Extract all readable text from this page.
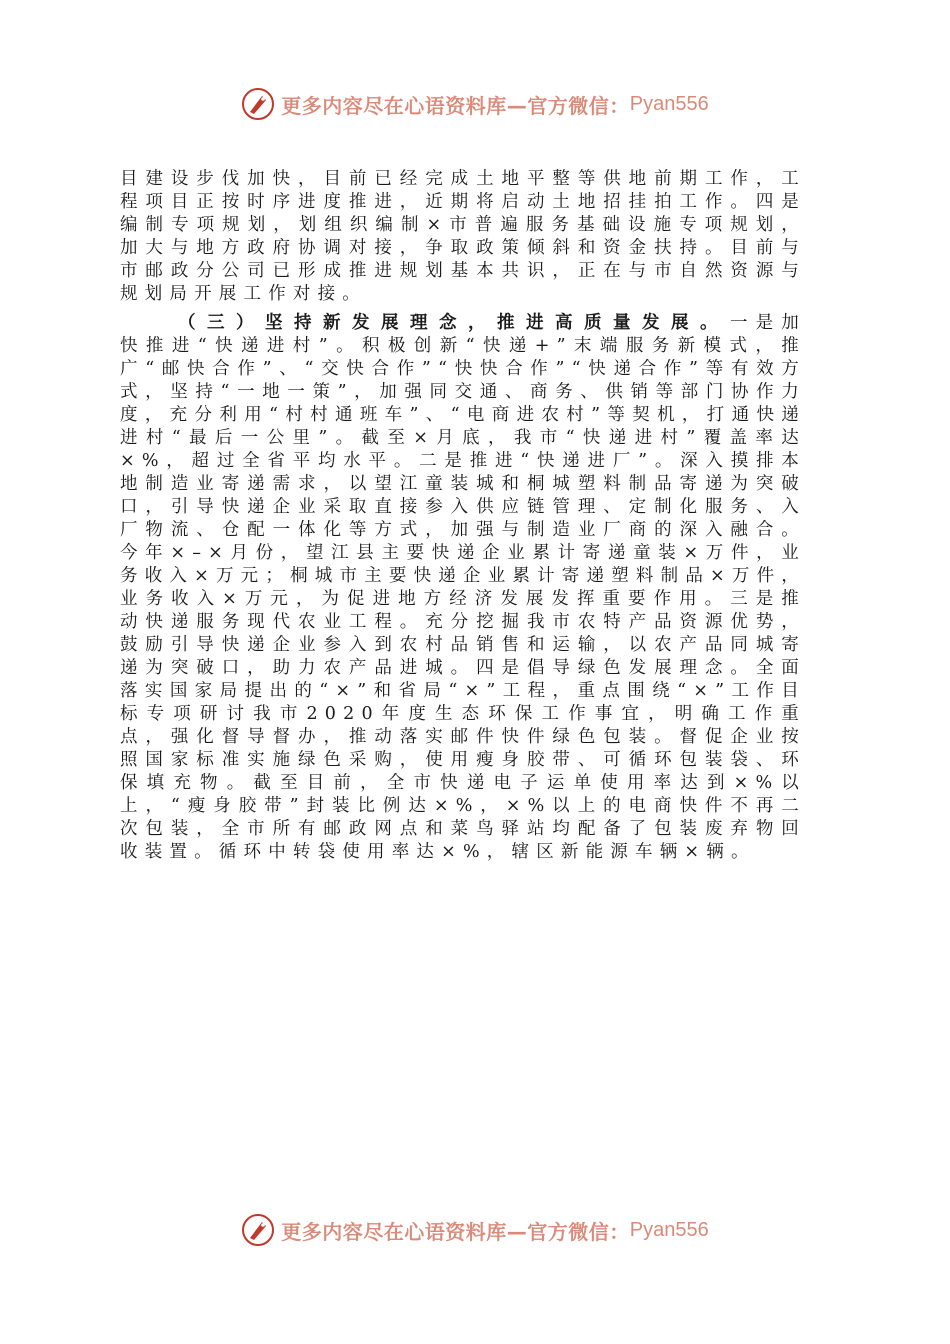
更多内容尽在心语资料库—官方微信： Pyan556

目建设步伐加快，目前已经完成土地平整等供地前期工作，工程项目正按时序进度推进，近期将启动土地招挂拍工作。四是编制专项规划，划组织编制×市普遍服务基础设施专项规划，加大与地方政府协调对接，争取政策倾斜和资金扶持。目前与市邮政分公司已形成推进规划基本共识，正在与市自然资源与规划局开展工作对接。

（三）坚持新发展理念，推进高质量发展。一是加快推进“快递进村”。积极创新“快递+”末端服务新模式，推广“邮快合作”、“交快合作”“快快合作”“快递合作”等有效方式，坚持“一地一策”，加强同交通、商务、供销等部门协作力度，充分利用“村村通班车”、“电商进农村”等契机，打通快递进村“最后一公里”。截至×月底，我市“快递进村”覆盖率达×%，超过全省平均水平。二是推进“快递进厂”。深入摸排本地制造业寄递需求，以望江童装城和桐城塑料制品寄递为突破口，引导快递企业采取直接参入供应链管理、定制化服务、入厂物流、仓配一体化等方式，加强与制造业厂商的深入融合。今年×–×月份，望江县主要快递企业累计寄递童装×万件，业务收入×万元；桐城市主要快递企业累计寄递塑料制品×万件，业务收入×万元，为促进地方经济发展发挥重要作用。三是推动快递服务现代农业工程。充分挖掘我市农特产品资源优势，鼓励引导快递企业参入到农村品销售和运输，以农产品同城寄递为突破口，助力农产品进城。四是倡导绿色发展理念。全面落实国家局提出的“×”和省局“×”工程，重点围绕“×”工作目标专项研讨我市2020年度生态环保工作事宜，明确工作重点，强化督导督办，推动落实邮件快件绿色包装。督促企业按照国家标准实施绿色采购，使用瘦身胶带、可循环包装袋、环保填充物。截至目前，全市快递电子运单使用率达到×%以上，“瘦身胶带”封装比例达×%，×%以上的电商快件不再二次包装，全市所有邮政网点和菜鸟驿站均配备了包装废弃物回收装置。循环中转袋使用率达×%，辖区新能源车辆×辆。

更多内容尽在心语资料库—官方微信： Pyan556
